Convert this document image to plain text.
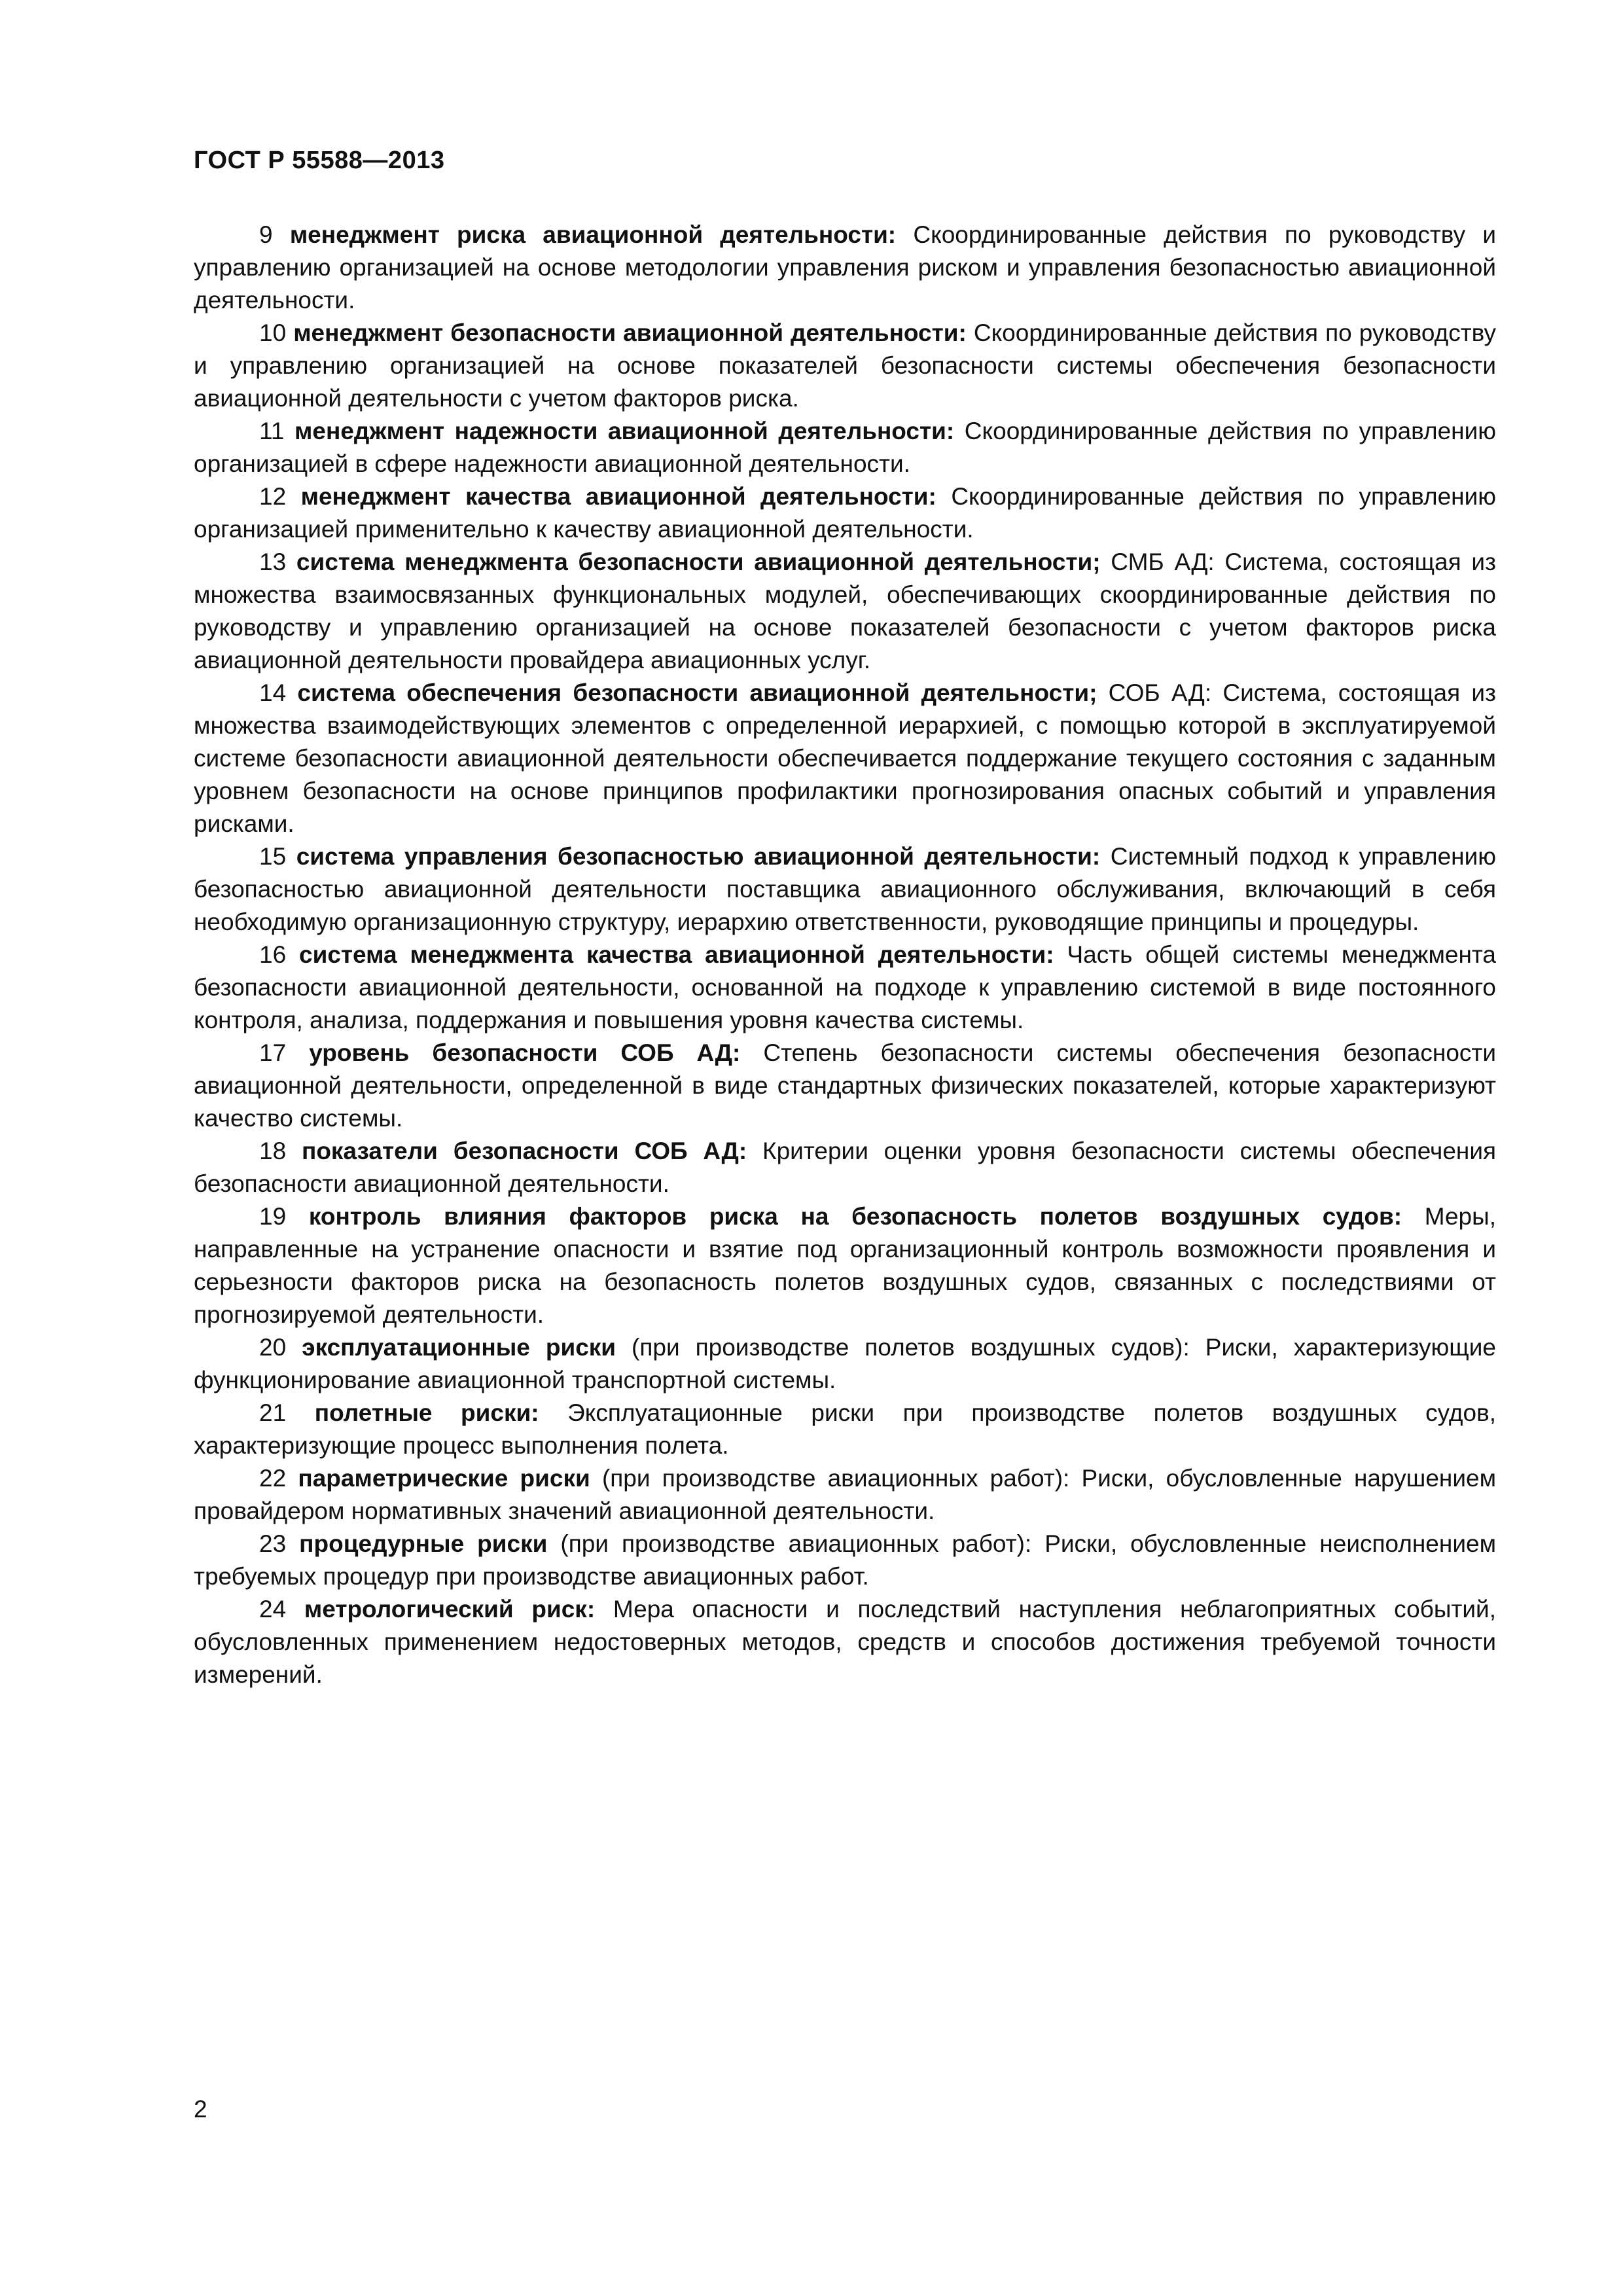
ГОСТ Р 55588—2013

9 менеджмент риска авиационной деятельности: Скоординированные действия по руководству и управлению организацией на основе методологии управления риском и управления безопасностью авиационной деятельности.

10 менеджмент безопасности авиационной деятельности: Скоординированные действия по руководству и управлению организацией на основе показателей безопасности системы обеспечения безопасности авиационной деятельности с учетом факторов риска.

11 менеджмент надежности авиационной деятельности: Скоординированные действия по управлению организацией в сфере надежности авиационной деятельности.

12 менеджмент качества авиационной деятельности: Скоординированные действия по управлению организацией применительно к качеству авиационной деятельности.

13 система менеджмента безопасности авиационной деятельности; СМБ АД: Система, состоящая из множества взаимосвязанных функциональных модулей, обеспечивающих скоординированные действия по руководству и управлению организацией на основе показателей безопасности с учетом факторов риска авиационной деятельности провайдера авиационных услуг.

14 система обеспечения безопасности авиационной деятельности; СОБ АД: Система, состоящая из множества взаимодействующих элементов с определенной иерархией, с помощью которой в эксплуатируемой системе безопасности авиационной деятельности обеспечивается поддержание текущего состояния с заданным уровнем безопасности на основе принципов профилактики прогнозирования опасных событий и управления рисками.

15 система управления безопасностью авиационной деятельности: Системный подход к управлению безопасностью авиационной деятельности поставщика авиационного обслуживания, включающий в себя необходимую организационную структуру, иерархию ответственности, руководящие принципы и процедуры.

16 система менеджмента качества авиационной деятельности: Часть общей системы менеджмента безопасности авиационной деятельности, основанной на подходе к управлению системой в виде постоянного контроля, анализа, поддержания и повышения уровня качества системы.

17 уровень безопасности СОБ АД: Степень безопасности системы обеспечения безопасности авиационной деятельности, определенной в виде стандартных физических показателей, которые характеризуют качество системы.

18 показатели безопасности СОБ АД: Критерии оценки уровня безопасности системы обеспечения безопасности авиационной деятельности.

19 контроль влияния факторов риска на безопасность полетов воздушных судов: Меры, направленные на устранение опасности и взятие под организационный контроль возможности проявления и серьезности факторов риска на безопасность полетов воздушных судов, связанных с последствиями от прогнозируемой деятельности.

20 эксплуатационные риски (при производстве полетов воздушных судов): Риски, характеризующие функционирование авиационной транспортной системы.

21 полетные риски: Эксплуатационные риски при производстве полетов воздушных судов, характеризующие процесс выполнения полета.

22 параметрические риски (при производстве авиационных работ): Риски, обусловленные нарушением провайдером нормативных значений авиационной деятельности.

23 процедурные риски (при производстве авиационных работ): Риски, обусловленные неисполнением требуемых процедур при производстве авиационных работ.

24 метрологический риск: Мера опасности и последствий наступления неблагоприятных событий, обусловленных применением недостоверных методов, средств и способов достижения требуемой точности измерений.

2
